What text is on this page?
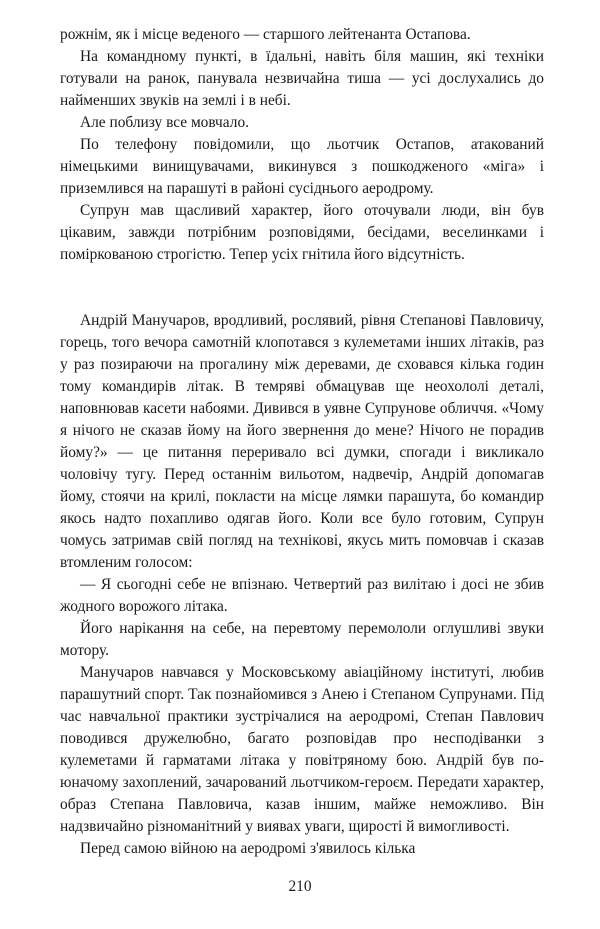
рожнім, як і місце веденого — старшого лейтенанта Остапова.

На командному пункті, в їдальні, навіть біля машин, які техніки готували на ранок, панувала незвичайна тиша — усі дослухались до найменших звуків на землі і в небі.

Але поблизу все мовчало.

По телефону повідомили, що льотчик Остапов, атакований німецькими винищувачами, викинувся з пошкодженого «міга» і приземлився на парашуті в районі сусіднього аеродрому.

Супрун мав щасливий характер, його оточували люди, він був цікавим, завжди потрібним розповідями, бесідами, веселинками і поміркованою строгістю. Тепер усіх гнітила його відсутність.

Андрій Манучаров, вродливий, рослявий, рівня Степанові Павловичу, горець, того вечора самотній клопотався з кулеметами інших літаків, раз у раз позираючи на прогалину між деревами, де сховався кілька годин тому командирів літак. В темряві обмацував ще неохололі деталі, наповнював касети набоями. Дивився в уявне Супрунове обличчя. «Чому я нічого не сказав йому на його звернення до мене? Нічого не порадив йому?» — це питання переривало всі думки, спогади і викликало чоловічу тугу. Перед останнім вильотом, надвечір, Андрій допомагав йому, стоячи на крилі, покласти на місце лямки парашута, бо командир якось надто похапливо одягав його. Коли все було готовим, Супрун чомусь затримав свій погляд на технікові, якусь мить помовчав і сказав втомленим голосом:

— Я сьогодні себе не впізнаю. Четвертий раз вилітаю і досі не збив жодного ворожого літака.

Його нарікання на себе, на перевтому перемололи оглушливі звуки мотору.

Манучаров навчався у Московському авіаційному інституті, любив парашутний спорт. Так познайомився з Анею і Степаном Супрунами. Під час навчальної практики зустрічалися на аеродромі, Степан Павлович поводився дружелюбно, багато розповідав про несподіванки з кулеметами й гарматами літака у повітряному бою. Андрій був по-юначому захоплений, зачарований льотчиком-героєм. Передати характер, образ Степана Павловича, казав іншим, майже неможливо. Він надзвичайно різноманітний у виявах уваги, щирості й вимогливості.

Перед самою війною на аеродромі з'явилось кілька

210
